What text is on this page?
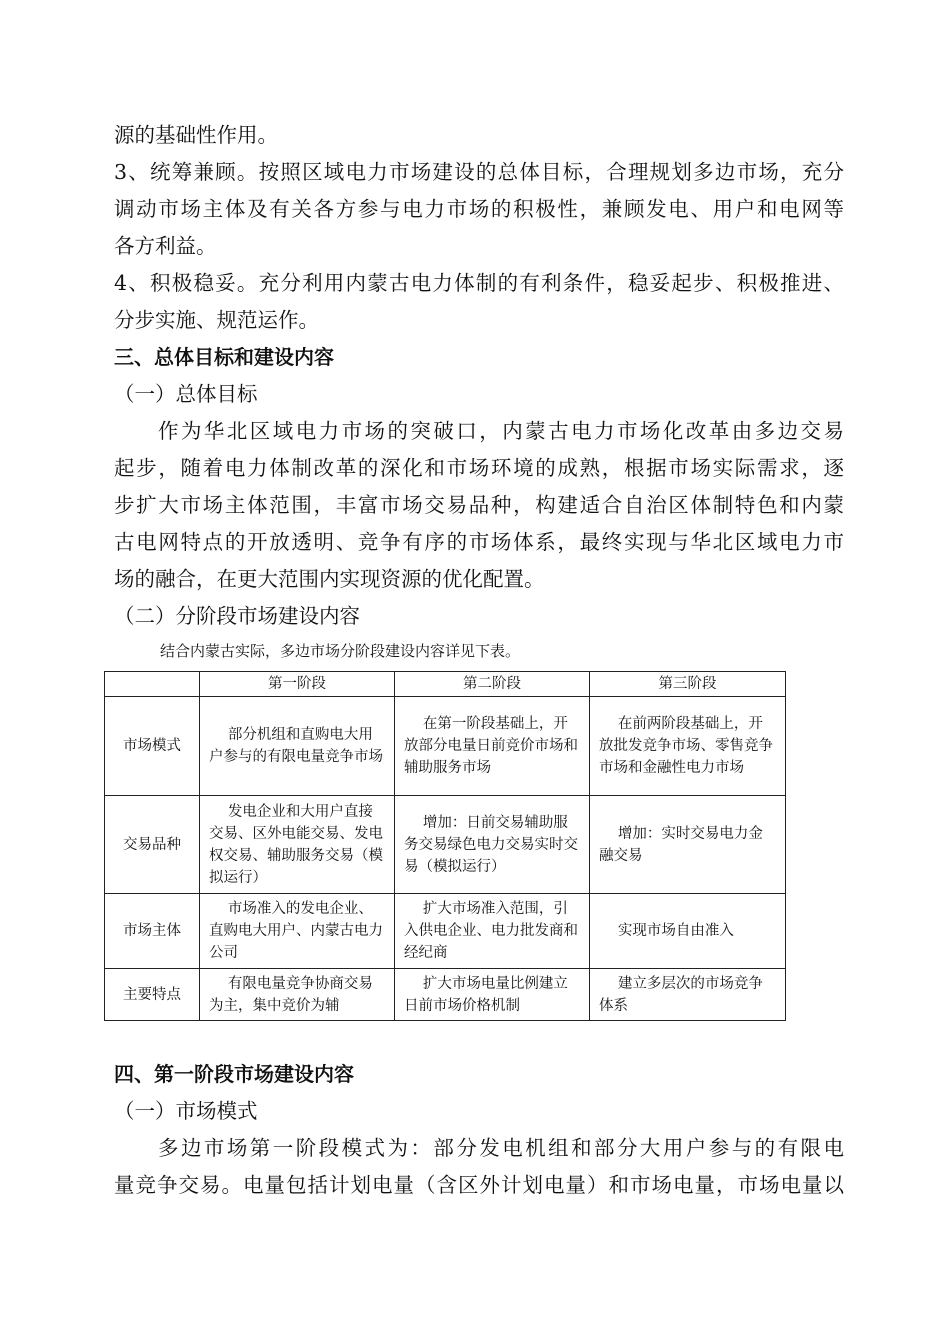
源的基础性作用。
3、统筹兼顾。按照区域电力市场建设的总体目标，合理规划多边市场，充分
调动市场主体及有关各方参与电力市场的积极性，兼顾发电、用户和电网等
各方利益。
4、积极稳妥。充分利用内蒙古电力体制的有利条件，稳妥起步、积极推进、
分步实施、规范运作。
三、总体目标和建设内容
（一）总体目标
作为华北区域电力市场的突破口，内蒙古电力市场化改革由多边交易
起步，随着电力体制改革的深化和市场环境的成熟，根据市场实际需求，逐
步扩大市场主体范围，丰富市场交易品种，构建适合自治区体制特色和内蒙
古电网特点的开放透明、竞争有序的市场体系，最终实现与华北区域电力市
场的融合，在更大范围内实现资源的优化配置。
（二）分阶段市场建设内容
结合内蒙古实际，多边市场分阶段建设内容详见下表。
	第一阶段	第二阶段	第三阶段
市场模式	部分机组和直购电大用户参与的有限电量竞争市场	在第一阶段基础上，开放部分电量日前竞价市场和辅助服务市场	在前两阶段基础上，开放批发竞争市场、零售竞争市场和金融性电力市场
交易品种	发电企业和大用户直接交易、区外电能交易、发电权交易、辅助服务交易（模拟运行）	增加：日前交易辅助服务交易绿色电力交易实时交易（模拟运行）	增加：实时交易电力金融交易
市场主体	市场准入的发电企业、直购电大用户、内蒙古电力公司	扩大市场准入范围，引入供电企业、电力批发商和经纪商	实现市场自由准入
主要特点	有限电量竞争协商交易为主，集中竞价为辅	扩大市场电量比例建立日前市场价格机制	建立多层次的市场竞争体系
四、第一阶段市场建设内容
（一）市场模式
多边市场第一阶段模式为：部分发电机组和部分大用户参与的有限电
量竞争交易。电量包括计划电量（含区外计划电量）和市场电量，市场电量以
